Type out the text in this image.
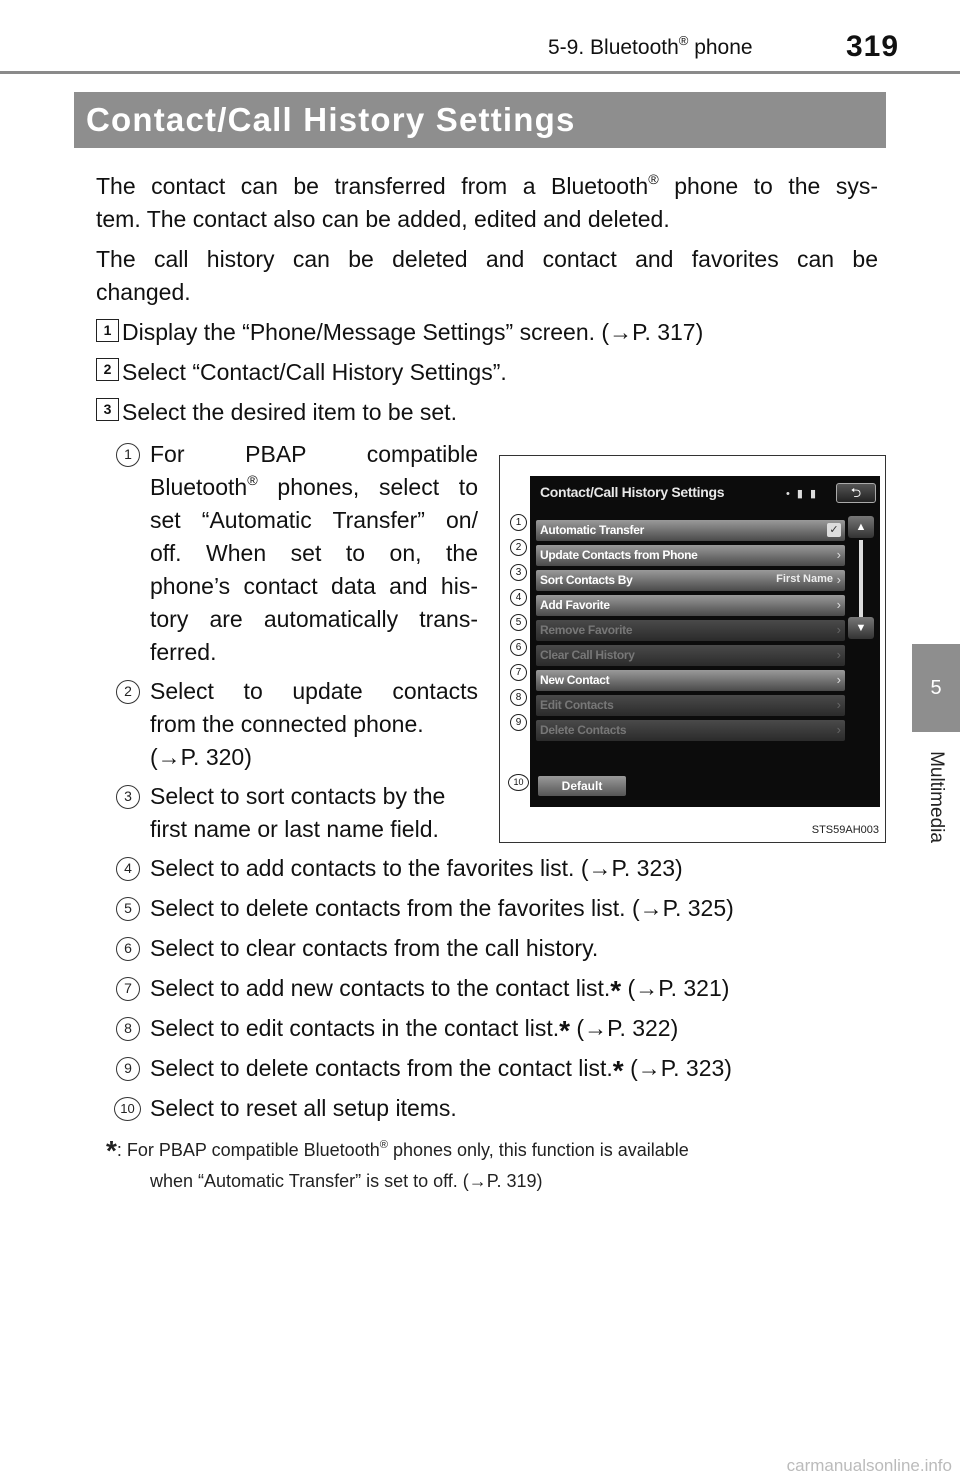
5-9. Bluetooth® phone	319
Contact/Call History Settings
5
Multimedia
The contact can be transferred from a Bluetooth® phone to the sys-
tem. The contact also can be added, edited and deleted.
The call history can be deleted and contact and favorites can be
changed.
1 Display the “Phone/Message Settings” screen. (→P. 317)
2 Select “Contact/Call History Settings”.
3 Select the desired item to be set.
1 For PBAP compatible
Bluetooth® phones, select to
set “Automatic Transfer” on/
off. When set to on, the
phone’s contact data and his-
tory are automatically trans-
ferred.
2 Select to update contacts
from the connected phone.
(→P. 320)
3 Select to sort contacts by the
first name or last name field.
4 Select to add contacts to the favorites list. (→P. 323)
5 Select to delete contacts from the favorites list. (→P. 325)
6 Select to clear contacts from the call history.
7 Select to add new contacts to the contact list.* (→P. 321)
8 Select to edit contacts in the contact list.* (→P. 322)
9 Select to delete contacts from the contact list.* (→P. 323)
10 Select to reset all setup items.
Contact/Call History Settings	• ▮ ▮	⮌
Automatic Transfer	✓
Update Contacts from Phone	›
Sort Contacts By	First Name ›
Add Favorite	›
Remove Favorite	›
Clear Call History	›
New Contact	›
Edit Contacts	›
Delete Contacts	›
▲
▼
Default
1
2
3
4
5
6
7
8
9
10
STS59AH003
*: For PBAP compatible Bluetooth® phones only, this function is available
when “Automatic Transfer” is set to off. (→P. 319)
carmanualsonline.info
